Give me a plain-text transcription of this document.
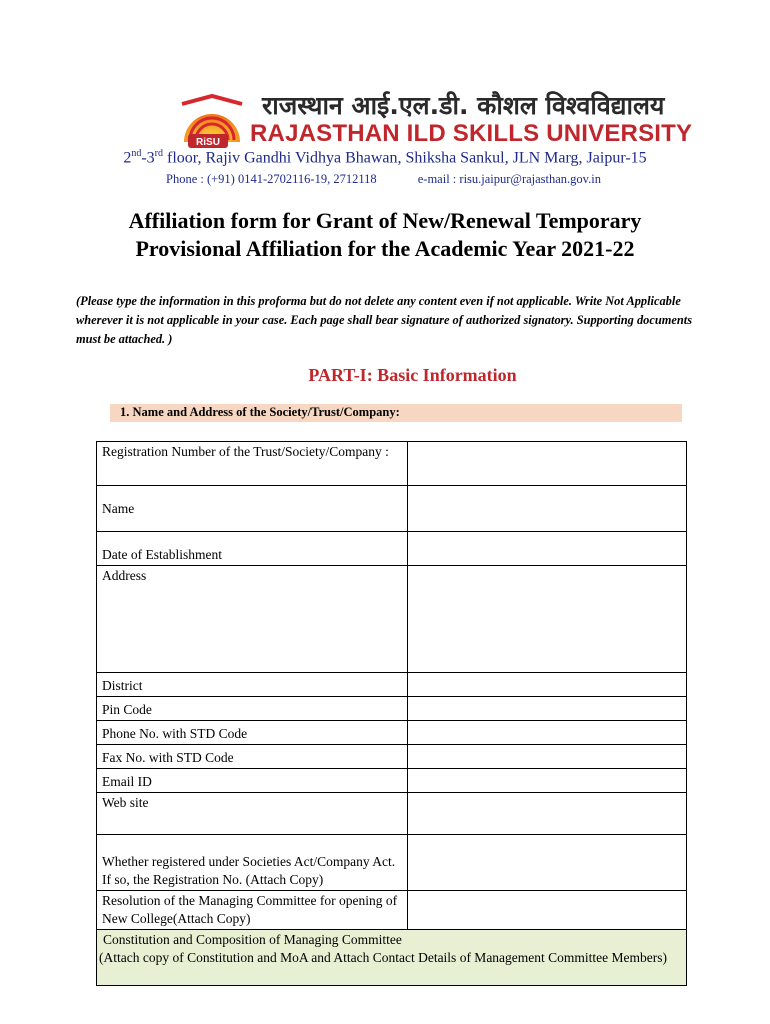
RiSU
राजस्थान आई.एल.डी. कौशल विश्वविद्यालय
RAJASTHAN ILD SKILLS UNIVERSITY
2nd-3rd floor, Rajiv Gandhi Vidhya Bhawan, Shiksha Sankul, JLN Marg, Jaipur-15
Phone : (+91) 0141-2702116-19, 2712118	e-mail : risu.jaipur@rajasthan.gov.in
Affiliation form for Grant of New/Renewal Temporary
Provisional Affiliation for the Academic Year 2021-22
(Please type the information in this proforma but do not delete any content even if not applicable. Write Not Applicable wherever it is not applicable in your case. Each page shall bear signature of authorized signatory. Supporting documents must be attached. )
PART-I: Basic Information
1. Name and Address of the Society/Trust/Company:
Registration Number of the Trust/Society/Company :	
Name	
Date of Establishment	
Address	
District	
Pin Code	
Phone No. with STD Code	
Fax No. with STD Code	
Email ID	
Web site	
Whether registered under Societies Act/Company Act. If so, the Registration No. (Attach Copy)	
Resolution of the Managing Committee for opening of New College(Attach Copy)	

Constitution and Composition of Managing Committee
(Attach copy of Constitution and MoA and Attach Contact Details of Management Committee Members)	
